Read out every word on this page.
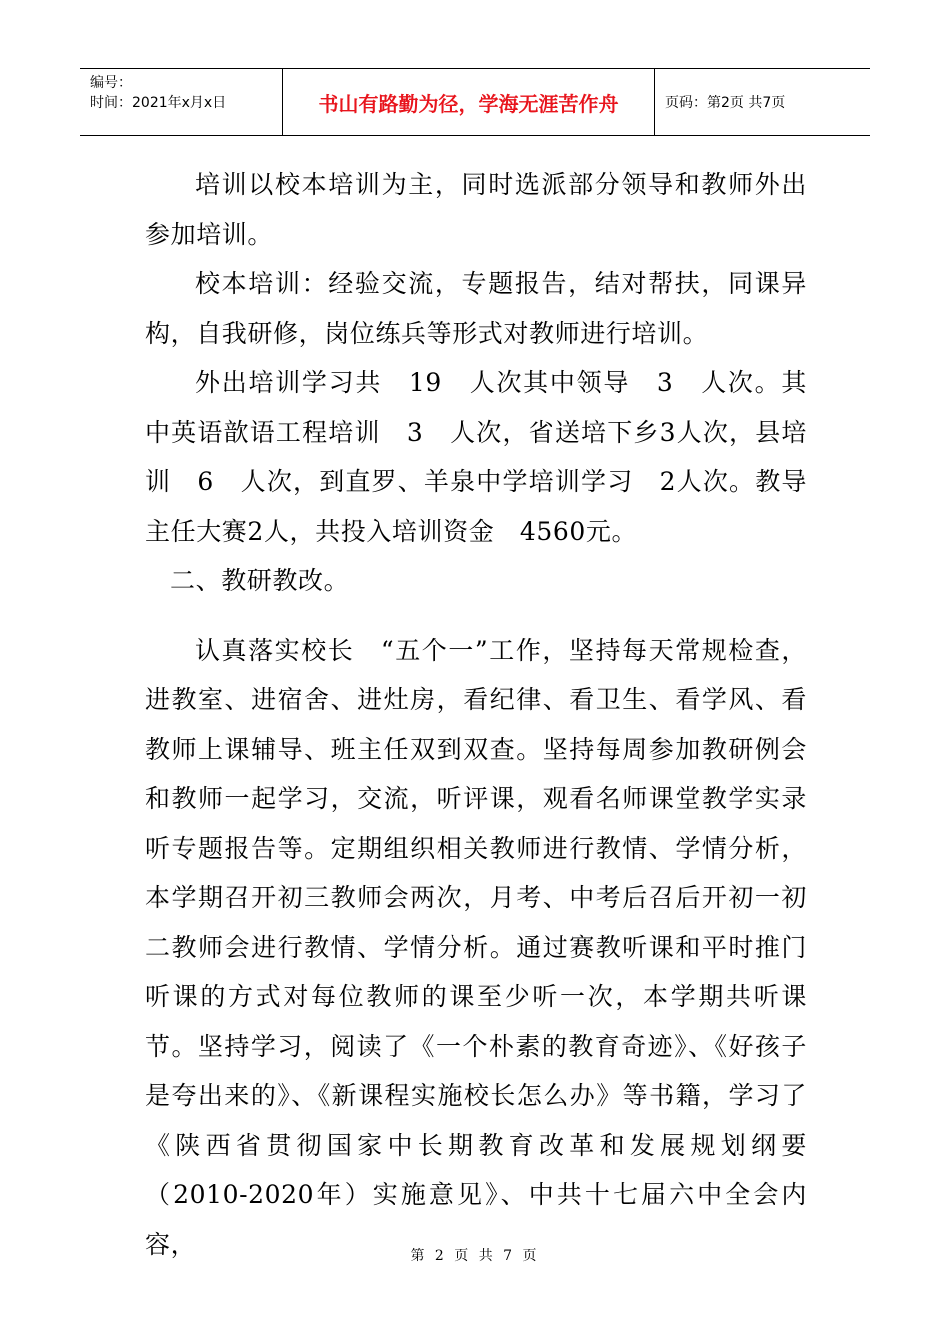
编号：
时间：2021年x月x日	书山有路勤为径，学海无涯苦作舟	页码：第2页 共7页

培训以校本培训为主，同时选派部分领导和教师外出参加培训。

校本培训：经验交流，专题报告，结对帮扶，同课异构，自我研修，岗位练兵等形式对教师进行培训。

外出培训学习共　19　人次其中领导　3　人次。其中英语歆语工程培训　3　人次，省送培下乡3人次，县培训　6　人次，到直罗、羊泉中学培训学习　2人次。教导主任大赛2人，共投入培训资金　4560元。

二、教研教改。

认真落实校长　“五个一”工作，坚持每天常规检查，进教室、进宿舍、进灶房，看纪律、看卫生、看学风、看教师上课辅导、班主任双到双查。坚持每周参加教研例会和教师一起学习，交流，听评课，观看名师课堂教学实录听专题报告等。定期组织相关教师进行教情、学情分析，本学期召开初三教师会两次，月考、中考后召后开初一初二教师会进行教情、学情分析。通过赛教听课和平时推门听课的方式对每位教师的课至少听一次，本学期共听课节。坚持学习，阅读了《一个朴素的教育奇迹》、《好孩子是夸出来的》、《新课程实施校长怎么办》等书籍，学习了《陕西省贯彻国家中长期教育改革和发展规划纲要（2010-2020年）实施意见》、中共十七届六中全会内容，	第 2 页 共 7 页
